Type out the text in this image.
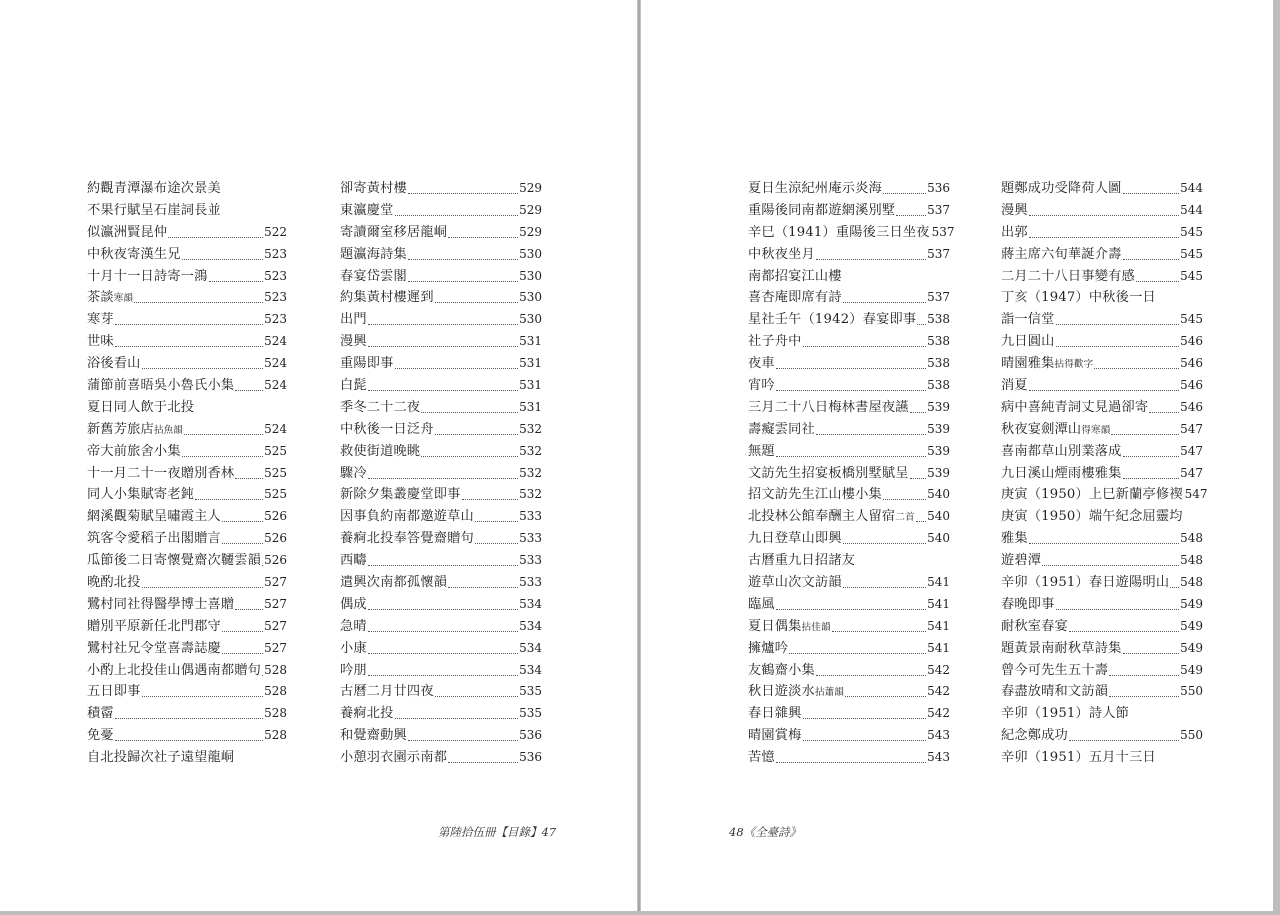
約觀青潭瀑布途次景美
不果行賦呈石崖詞長並
似瀛洲賢昆仲	522
中秋夜寄漢生兄	523
十月十一日詩寄一鴻	523
茶談寒韻	523
寒芽	523
世味	524
浴後看山	524
蒲節前喜晤吳小魯氏小集 524
夏日同人飲于北投
新舊芳旅店拈魚韻	524
帝大前旅舍小集	525
十一月二十一夜贈別香林 525
同人小集賦寄老鈍	525
網溪觀菊賦呈嘯霞主人	526
筑客令愛稻子出閣贈言	526
瓜節後二日寄懷覺齋次韆雲韻 526
晚酌北投	527
鷺村同社得醫學博士喜贈 527
贈別平原新任北門郡守	527
鷺村社兄令堂喜壽誌慶	527
小酌上北投佳山偶遇南都贈句 528
五日即事	528
積霤	528
免憂	528
自北投歸次社子遠望龍峒
卻寄黃村樓	529
東瀛慶堂	529
寄讀爾室移居龍峒	529
題瀛海詩集	530
春宴岱雲閣	530
約集黃村樓遲到	530
出門	530
漫興	531
重陽即事	531
白髭	531
季冬二十二夜	531
中秋後一日泛舟	532
救使街道晚眺	532
驟冷	532
新除夕集叢慶堂即事	532
因事負約南都邀遊草山	533
養痾北投奉答覺齋贈句	533
西疇	533
遣興次南都孤懷韻	533
偶成	534
急晴	534
小康	534
吟朋	534
古曆二月廿四夜	535
養痾北投	535
和覺齋動興	536
小憩羽衣園示南都	536
第陸拾伍冊【目錄】47
夏日生涼紀州庵示炎海	536
重陽後同南都遊網溪別墅	537
辛巳（1941）重陽後三日坐夜 537
中秋夜坐月	537
南都招宴江山樓
喜杏庵即席有詩	537
星社壬午（1942）春宴即事 538
社子舟中	538
夜車	538
宵吟	538
三月二十八日梅林書屋夜讌 539
壽癡雲同社	539
無題	539
文訪先生招宴板橋別墅賦呈 539
招文訪先生江山樓小集	540
北投林公館奉酬主人留宿二首 540
九日登草山即興	540
古曆重九日招諸友
遊草山次文訪韻	541
臨風	541
夏日偶集拈佳韻	541
擁爐吟	541
友鶴齋小集	542
秋日遊淡水拈蕭韻	542
春日雜興	542
晴園賞梅	543
苦憶	543
題鄭成功受降荷人圖	544
漫興	544
出郭	545
蔣主席六旬華誕介壽	545
二月二十八日事變有感	545
丁亥（1947）中秋後一日
詣一信堂	545
九日圓山	546
晴園雅集拈得歡字	546
消夏	546
病中喜純青詞丈見過卻寄	546
秋夜宴劍潭山得寒韻	547
喜南都草山別業落成	547
九日溪山煙雨樓雅集	547
庚寅（1950）上巳新蘭亭修禊 547
庚寅（1950）端午紀念屈靈均
雅集	548
遊碧潭	548
辛卯（1951）春日遊陽明山 548
春晚即事	549
耐秋室春宴	549
題黃景南耐秋草詩集	549
曾今可先生五十壽	549
春盡放晴和文訪韻	550
辛卯（1951）詩人節
紀念鄭成功	550
辛卯（1951）五月十三日
48《全臺詩》
